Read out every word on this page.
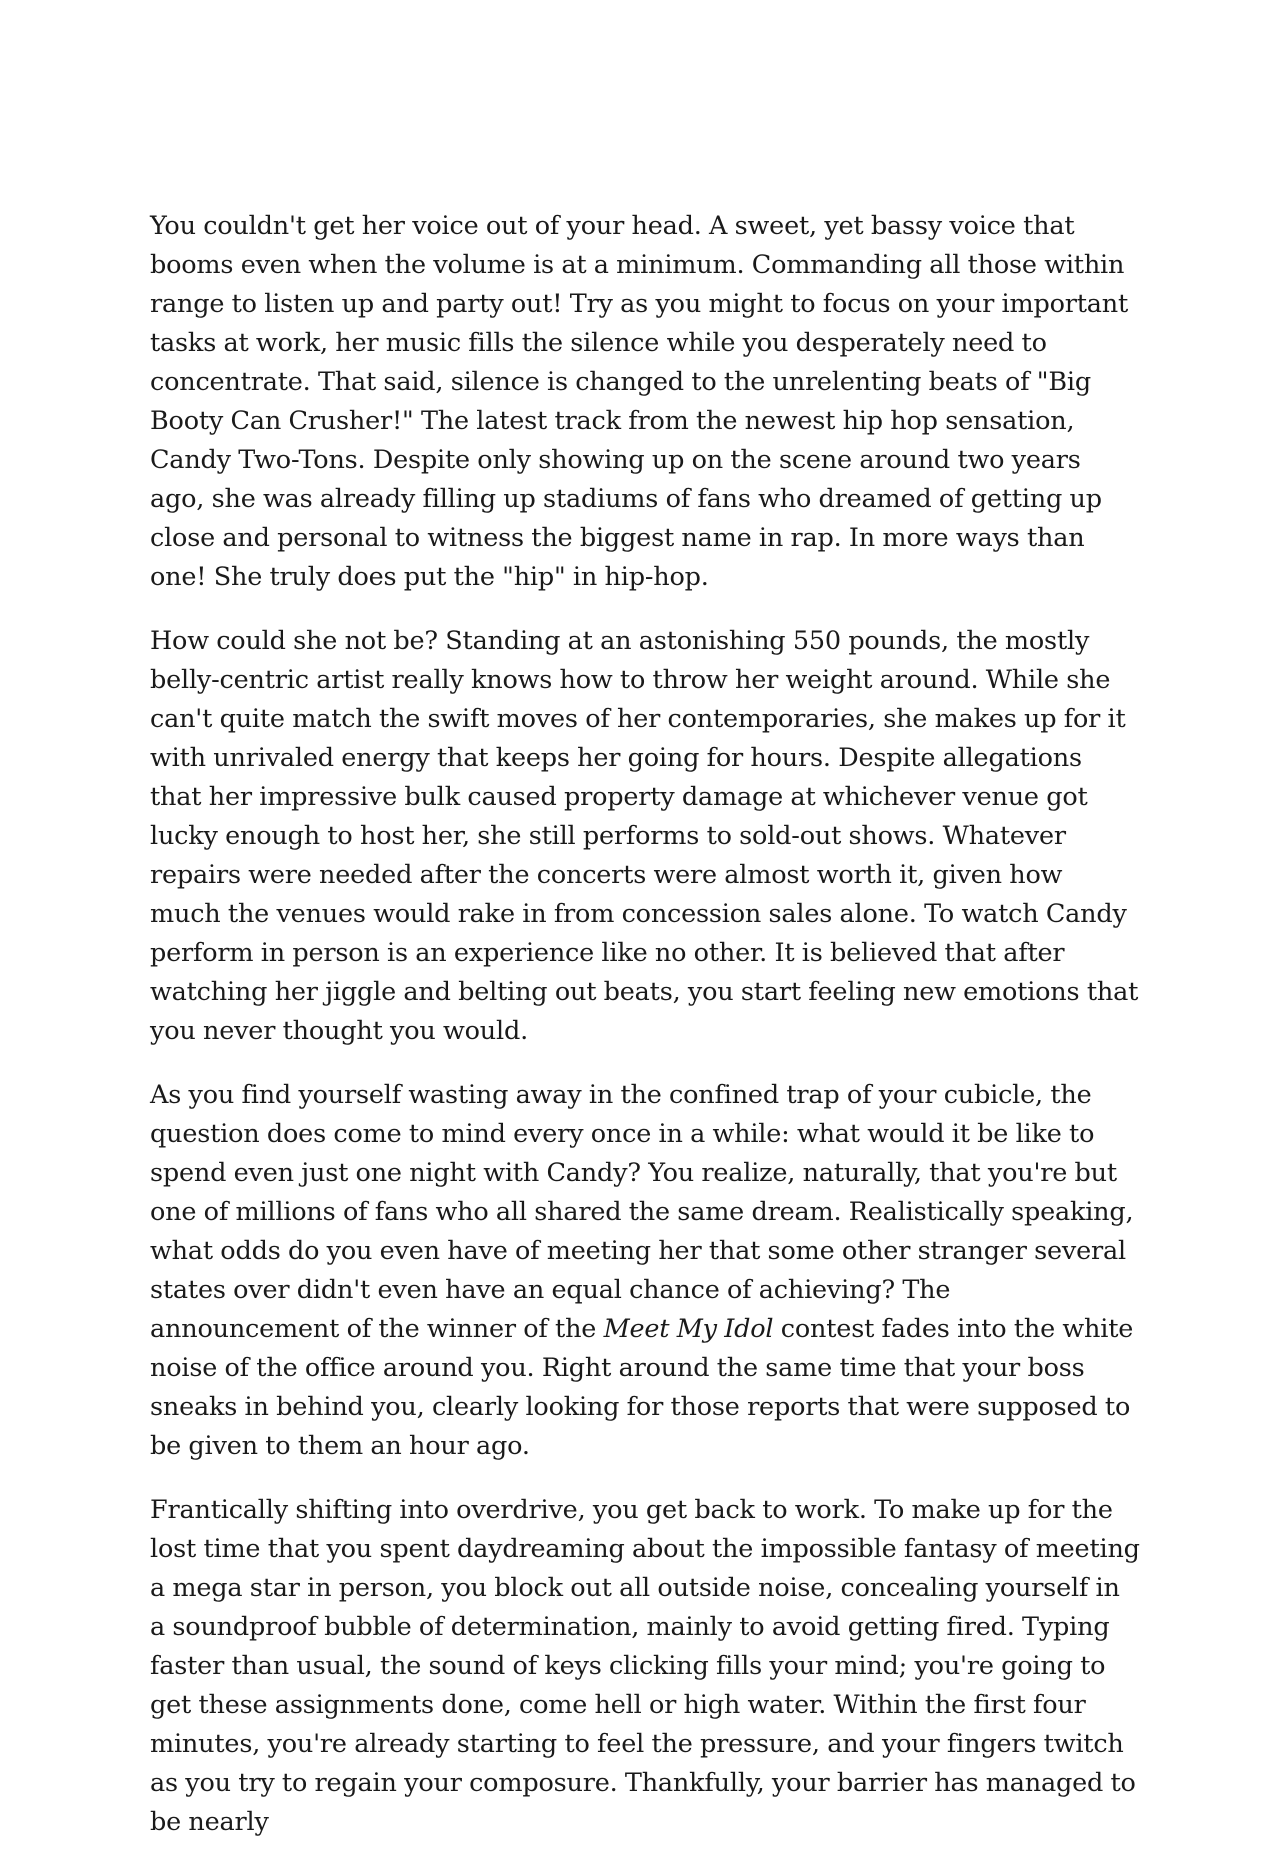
You couldn't get her voice out of your head. A sweet, yet bassy voice that booms even when the volume is at a minimum. Commanding all those within range to listen up and party out! Try as you might to focus on your important tasks at work, her music fills the silence while you desperately need to concentrate. That said, silence is changed to the unrelenting beats of "Big Booty Can Crusher!" The latest track from the newest hip hop sensation, Candy Two-Tons. Despite only showing up on the scene around two years ago, she was already filling up stadiums of fans who dreamed of getting up close and personal to witness the biggest name in rap. In more ways than one! She truly does put the "hip" in hip-hop.

How could she not be? Standing at an astonishing 550 pounds, the mostly belly-centric artist really knows how to throw her weight around. While she can't quite match the swift moves of her contemporaries, she makes up for it with unrivaled energy that keeps her going for hours. Despite allegations that her impressive bulk caused property damage at whichever venue got lucky enough to host her, she still performs to sold-out shows. Whatever repairs were needed after the concerts were almost worth it, given how much the venues would rake in from concession sales alone. To watch Candy perform in person is an experience like no other. It is believed that after watching her jiggle and belting out beats, you start feeling new emotions that you never thought you would.

As you find yourself wasting away in the confined trap of your cubicle, the question does come to mind every once in a while: what would it be like to spend even just one night with Candy? You realize, naturally, that you're but one of millions of fans who all shared the same dream. Realistically speaking, what odds do you even have of meeting her that some other stranger several states over didn't even have an equal chance of achieving? The announcement of the winner of the Meet My Idol contest fades into the white noise of the office around you. Right around the same time that your boss sneaks in behind you, clearly looking for those reports that were supposed to be given to them an hour ago.

Frantically shifting into overdrive, you get back to work. To make up for the lost time that you spent daydreaming about the impossible fantasy of meeting a mega star in person, you block out all outside noise, concealing yourself in a soundproof bubble of determination, mainly to avoid getting fired. Typing faster than usual, the sound of keys clicking fills your mind; you're going to get these assignments done, come hell or high water. Within the first four minutes, you're already starting to feel the pressure, and your fingers twitch as you try to regain your composure. Thankfully, your barrier has managed to be nearly
